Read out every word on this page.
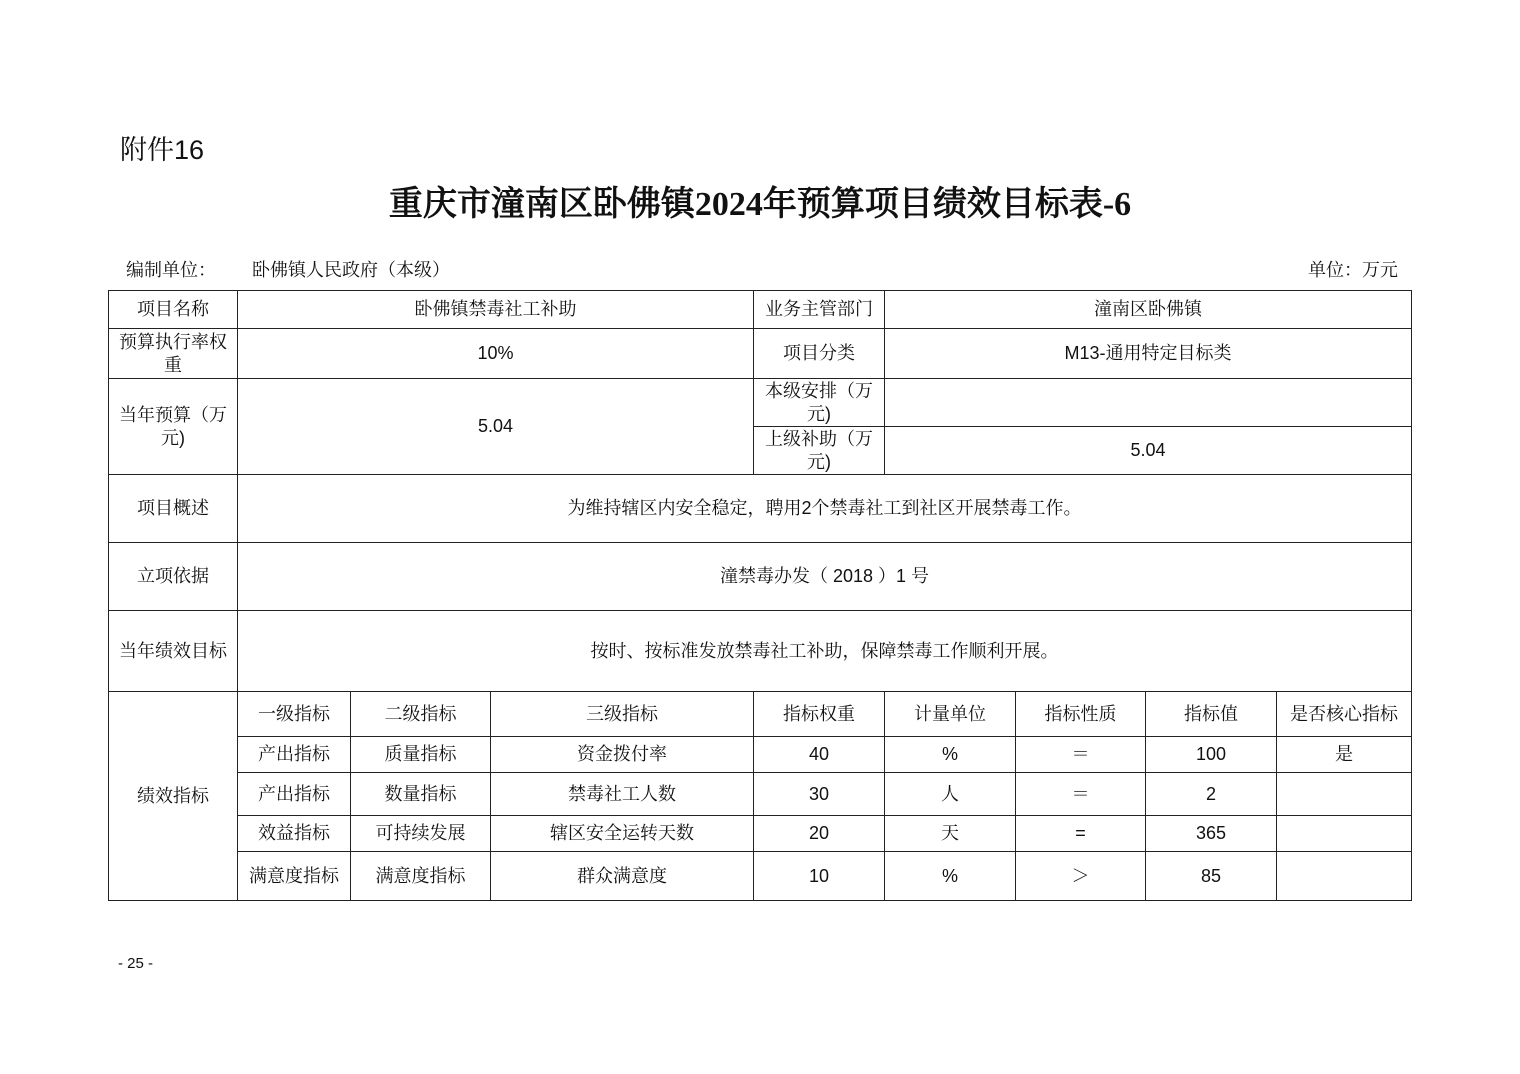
附件16
重庆市潼南区卧佛镇2024年预算项目绩效目标表-6
编制单位： 卧佛镇人民政府（本级）	单位：万元
项目名称	卧佛镇禁毒社工补助			业务主管部门	潼南区卧佛镇			
预算执行率权重	10%			项目分类	M13-通用特定目标类			
当年预算（万元)	5.04			本级安排（万元)				
				上级补助（万元)	5.04			
项目概述	为维持辖区内安全稳定，聘用2个禁毒社工到社区开展禁毒工作。							
立项依据	潼禁毒办发（ 2018 ）1 号							
当年绩效目标	按时、按标准发放禁毒社工补助，保障禁毒工作顺利开展。							
绩效指标	一级指标	二级指标	三级指标	指标权重	计量单位	指标性质	指标值	是否核心指标
	产出指标	质量指标	资金拨付率	40	%	＝	100	是
	产出指标	数量指标	禁毒社工人数	30	人	＝	2	
	效益指标	可持续发展	辖区安全运转天数	20	天	=	365	
	满意度指标	满意度指标	群众满意度	10	%	＞	85	
- 25 -
